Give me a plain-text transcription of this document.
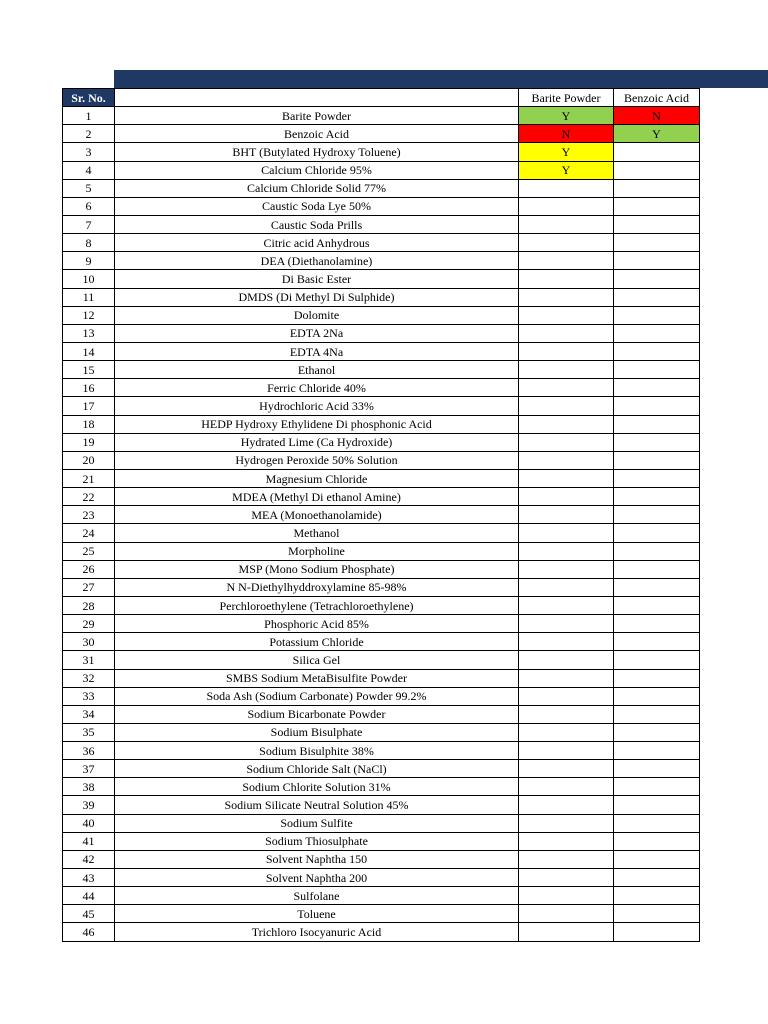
Sr. No.		Barite Powder	Benzoic Acid
1	Barite Powder	Y	N
2	Benzoic Acid	N	Y
3	BHT (Butylated Hydroxy Toluene)	Y	
4	Calcium Chloride 95%	Y	
5	Calcium Chloride Solid 77%		
6	Caustic Soda Lye 50%		
7	Caustic Soda Prills		
8	Citric acid Anhydrous		
9	DEA (Diethanolamine)		
10	Di Basic Ester		
11	DMDS (Di Methyl Di Sulphide)		
12	Dolomite		
13	EDTA 2Na		
14	EDTA 4Na		
15	Ethanol		
16	Ferric Chloride 40%		
17	Hydrochloric Acid 33%		
18	HEDP Hydroxy Ethylidene Di phosphonic Acid		
19	Hydrated Lime (Ca Hydroxide)		
20	Hydrogen Peroxide 50% Solution		
21	Magnesium Chloride		
22	MDEA (Methyl Di ethanol Amine)		
23	MEA (Monoethanolamide)		
24	Methanol		
25	Morpholine		
26	MSP (Mono Sodium Phosphate)		
27	N N-Diethylhyddroxylamine 85-98%		
28	Perchloroethylene (Tetrachloroethylene)		
29	Phosphoric Acid 85%		
30	Potassium Chloride		
31	Silica Gel		
32	SMBS Sodium MetaBisulfite Powder		
33	Soda Ash (Sodium Carbonate) Powder 99.2%		
34	Sodium Bicarbonate Powder		
35	Sodium Bisulphate		
36	Sodium Bisulphite 38%		
37	Sodium Chloride Salt (NaCl)		
38	Sodium Chlorite Solution 31%		
39	Sodium Silicate Neutral Solution 45%		
40	Sodium Sulfite		
41	Sodium Thiosulphate		
42	Solvent Naphtha 150		
43	Solvent Naphtha 200		
44	Sulfolane		
45	Toluene		
46	Trichloro Isocyanuric Acid		
